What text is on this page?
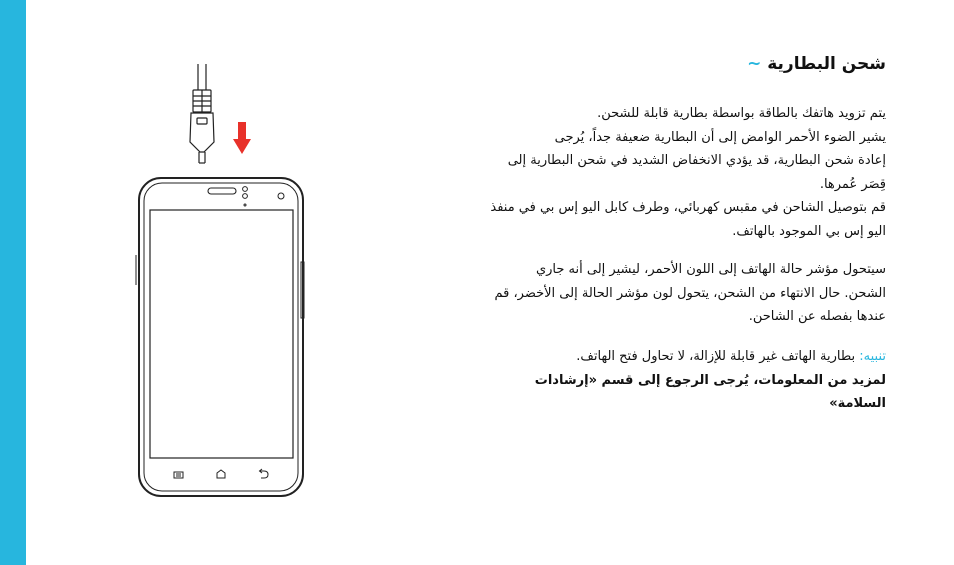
شحن البطارية ~

يتم تزويد هاتفك بالطاقة بواسطة بطارية قابلة للشحن.

يشير الضوء الأحمر الوامض إلى أن البطارية ضعيفة جداً، يُرجى

إعادة شحن البطارية، قد يؤدي الانخفاض الشديد في شحن البطارية إلى

قِصَر عُمرها.

قم بتوصيل الشاحن في مقبس كهربائي، وطرف كابل اليو إس بي في منفذ

اليو إس بي الموجود بالهاتف.

سيتحول مؤشر حالة الهاتف إلى اللون الأحمر، ليشير إلى أنه جاري

الشحن. حال الانتهاء من الشحن، يتحول لون مؤشر الحالة إلى الأخضر، قم

عندها بفصله عن الشاحن.

تنبيه: بطارية الهاتف غير قابلة للإزالة، لا تحاول فتح الهاتف.

لمزيد من المعلومات، يُرجى الرجوع إلى قسم «إرشادات السلامة»
